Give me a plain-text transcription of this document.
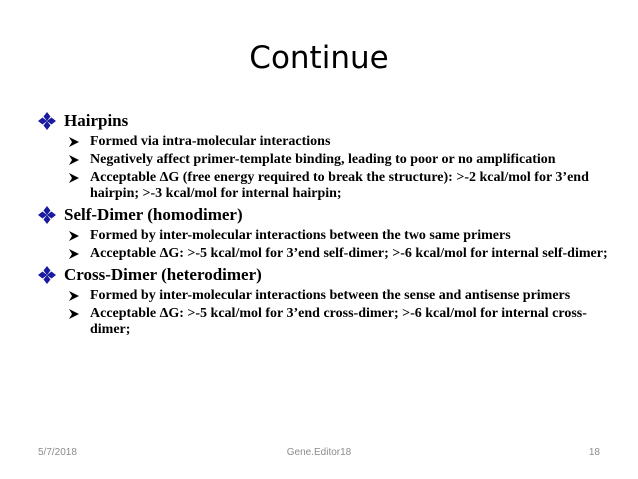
Continue
Hairpins
Formed via intra-molecular interactions
Negatively affect primer-template binding, leading to poor or no amplification
Acceptable ΔG (free energy required to break the structure): >-2 kcal/mol for 3’end hairpin; >-3 kcal/mol for internal hairpin;
Self-Dimer (homodimer)
Formed by inter-molecular interactions between the two same primers
Acceptable ΔG: >-5 kcal/mol for 3’end self-dimer; >-6 kcal/mol for internal self-dimer;
Cross-Dimer (heterodimer)
Formed by inter-molecular interactions between the sense and antisense primers
Acceptable ΔG: >-5 kcal/mol for 3’end cross-dimer; >-6 kcal/mol for internal cross-dimer;
5/7/2018	Gene.Editor18	18
